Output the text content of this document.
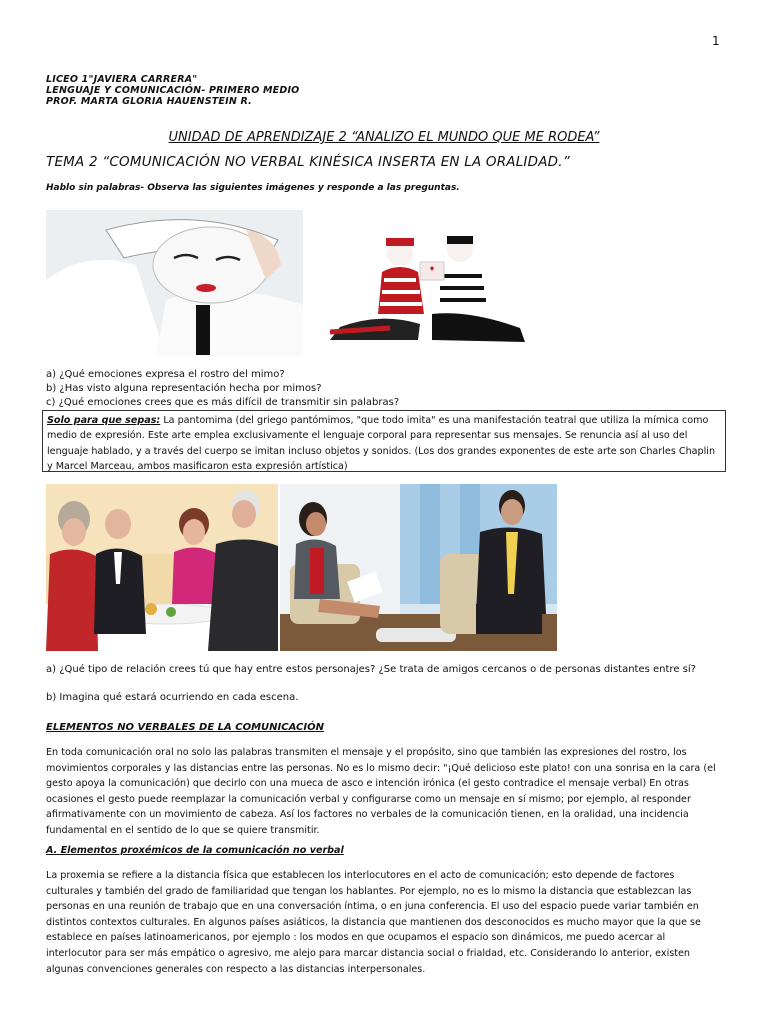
1
LICEO 1"JAVIERA CARRERA"
LENGUAJE Y COMUNICACIÓN- PRIMERO MEDIO
PROF. MARTA GLORIA HAUENSTEIN R.
UNIDAD DE APRENDIZAJE 2 “ANALIZO EL MUNDO QUE ME RODEA”
TEMA 2 “COMUNICACIÓN NO VERBAL KINÉSICA INSERTA EN LA ORALIDAD.”
Hablo sin palabras- Observa las siguientes imágenes y responde a las preguntas.
a) ¿Qué emociones expresa el rostro del mimo?
b) ¿Has visto alguna representación hecha por mimos?
c) ¿Qué emociones crees que es más difícil de transmitir sin palabras?
Solo para que sepas: La pantomima (del griego pantómimos, "que todo imita" es una manifestación teatral que utiliza la mímica como medio de expresión. Este arte emplea exclusivamente el lenguaje corporal para representar sus mensajes. Se renuncia así al uso del lenguaje hablado, y a través del cuerpo se imitan incluso objetos y sonidos. (Los dos grandes exponentes de este arte son Charles Chaplin y Marcel Marceau, ambos masificaron esta expresión artística)
a) ¿Qué tipo de relación crees tú que hay entre estos personajes? ¿Se trata de amigos cercanos o de personas distantes entre sí?
b) Imagina qué estará ocurriendo en cada escena.
ELEMENTOS NO VERBALES DE LA COMUNICACIÓN
En toda comunicación oral no solo las palabras transmiten el mensaje y el propósito, sino que también las expresiones del rostro, los movimientos corporales y las distancias entre las personas. No es lo mismo decir: "¡Qué delicioso este plato! con una sonrisa en la cara (el gesto apoya la comunicación) que decirlo con una mueca de asco e intención irónica (el gesto contradice el mensaje verbal) En otras ocasiones el gesto puede reemplazar la comunicación verbal y configurarse como un mensaje en sí mismo; por ejemplo, al responder afirmativamente con un movimiento de cabeza. Así los factores no verbales de la comunicación tienen, en la oralidad, una incidencia fundamental en el sentido de lo que se quiere transmitir.
A. Elementos proxémicos de la comunicación no verbal
La proxemia se refiere a la distancia física que establecen los interlocutores en el acto de comunicación; esto depende de factores culturales y también del grado de familiaridad que tengan los hablantes. Por ejemplo, no es lo mismo la distancia que establezcan las personas en una reunión de trabajo que en una conversación íntima, o en juna conferencia. El uso del espacio puede variar también en distintos contextos culturales. En algunos países asiáticos, la distancia que mantienen dos desconocidos es mucho mayor que la que se establece en países latinoamericanos, por ejemplo : los modos en que ocupamos el espacio son dinámicos, me puedo acercar al interlocutor para ser más empático o agresivo, me alejo para marcar distancia social o frialdad, etc. Considerando lo anterior, existen algunas convenciones generales con respecto a las distancias interpersonales.
